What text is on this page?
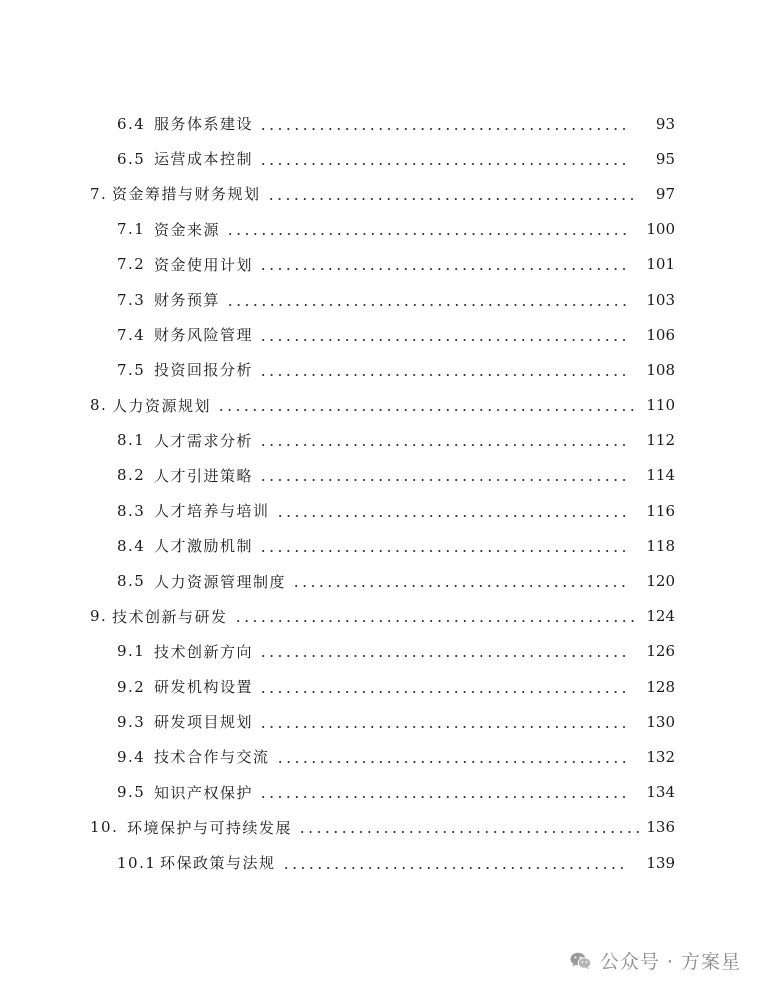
6.4 服务体系建设	93
6.5 运营成本控制	95
7. 资金筹措与财务规划	97
7.1 资金来源	100
7.2 资金使用计划	101
7.3 财务预算	103
7.4 财务风险管理	106
7.5 投资回报分析	108
8. 人力资源规划	110
8.1 人才需求分析	112
8.2 人才引进策略	114
8.3 人才培养与培训	116
8.4 人才激励机制	118
8.5 人力资源管理制度	120
9. 技术创新与研发	124
9.1 技术创新方向	126
9.2 研发机构设置	128
9.3 研发项目规划	130
9.4 技术合作与交流	132
9.5 知识产权保护	134
10. 环境保护与可持续发展	136
10.1 环保政策与法规	139
公众号 · 方案星
